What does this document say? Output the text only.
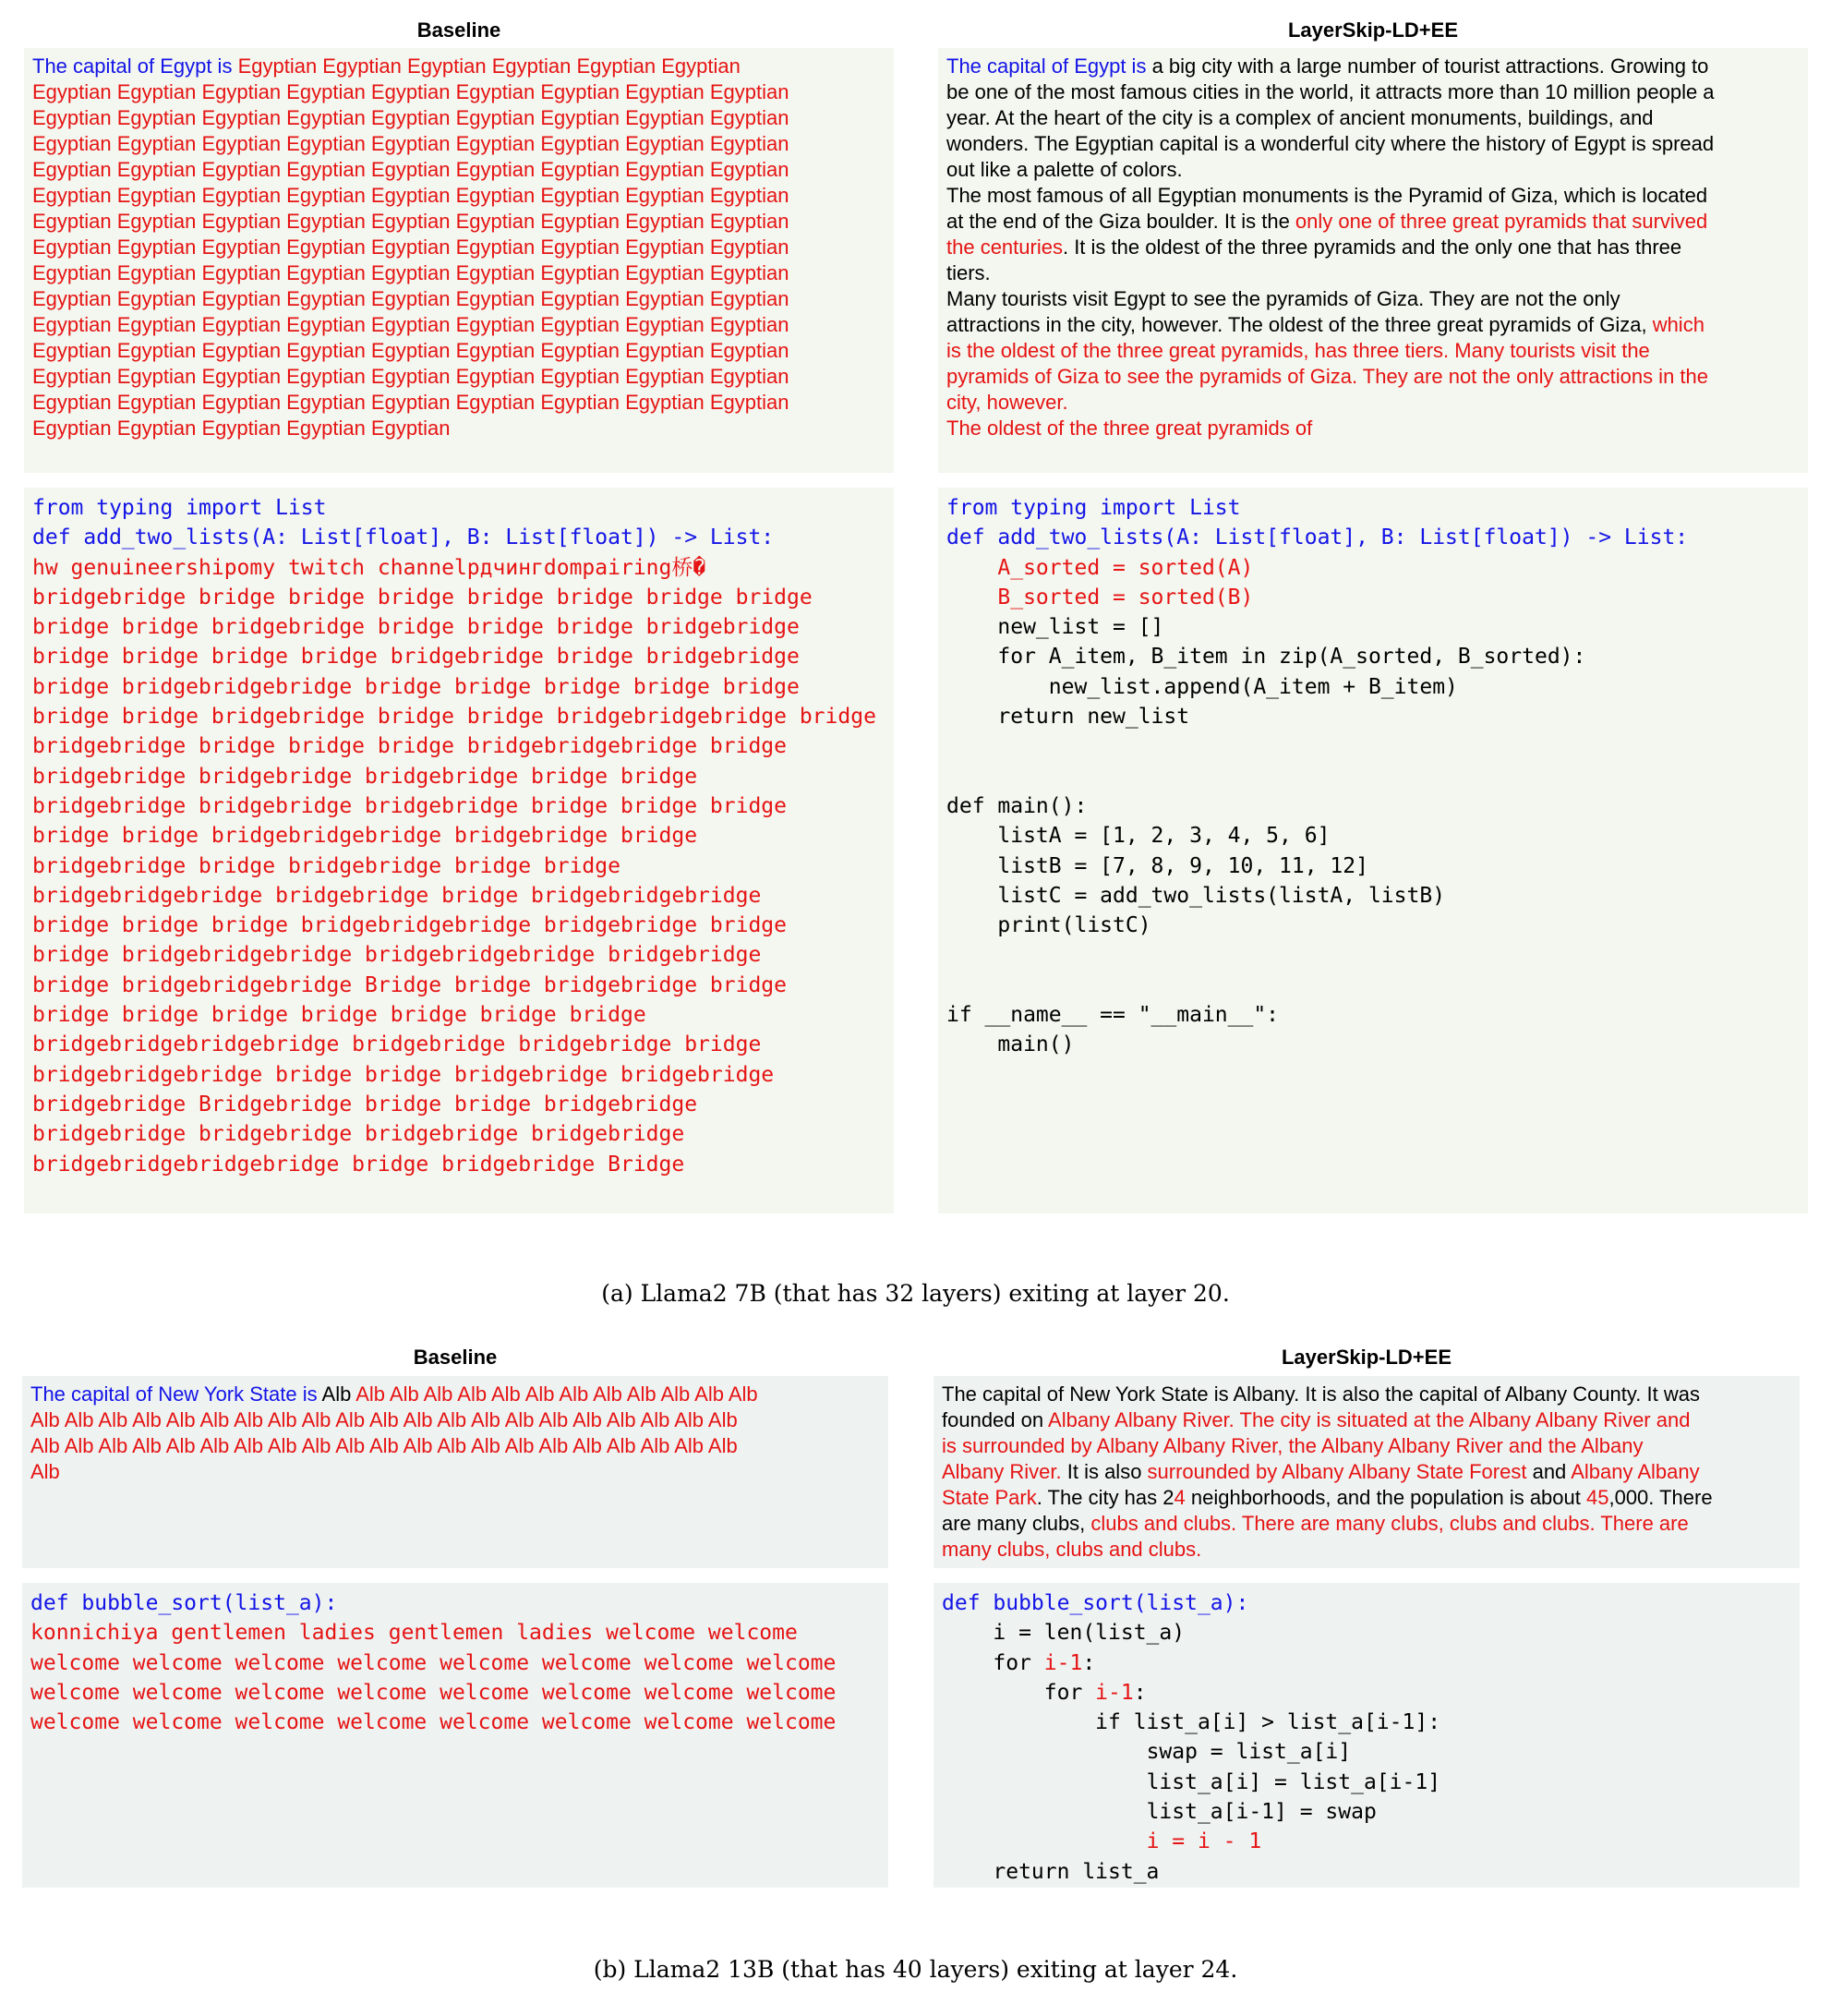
Baseline	LayerSkip-LD+EE
The capital of Egypt is Egyptian Egyptian Egyptian Egyptian Egyptian Egyptian
Egyptian Egyptian Egyptian Egyptian Egyptian Egyptian Egyptian Egyptian Egyptian
Egyptian Egyptian Egyptian Egyptian Egyptian Egyptian Egyptian Egyptian Egyptian
Egyptian Egyptian Egyptian Egyptian Egyptian Egyptian Egyptian Egyptian Egyptian
Egyptian Egyptian Egyptian Egyptian Egyptian Egyptian Egyptian Egyptian Egyptian
Egyptian Egyptian Egyptian Egyptian Egyptian Egyptian Egyptian Egyptian Egyptian
Egyptian Egyptian Egyptian Egyptian Egyptian Egyptian Egyptian Egyptian Egyptian
Egyptian Egyptian Egyptian Egyptian Egyptian Egyptian Egyptian Egyptian Egyptian
Egyptian Egyptian Egyptian Egyptian Egyptian Egyptian Egyptian Egyptian Egyptian
Egyptian Egyptian Egyptian Egyptian Egyptian Egyptian Egyptian Egyptian Egyptian
Egyptian Egyptian Egyptian Egyptian Egyptian Egyptian Egyptian Egyptian Egyptian
Egyptian Egyptian Egyptian Egyptian Egyptian Egyptian Egyptian Egyptian Egyptian
Egyptian Egyptian Egyptian Egyptian Egyptian Egyptian Egyptian Egyptian Egyptian
Egyptian Egyptian Egyptian Egyptian Egyptian Egyptian Egyptian Egyptian Egyptian
Egyptian Egyptian Egyptian Egyptian Egyptian
The capital of Egypt is a big city with a large number of tourist attractions. Growing to
be one of the most famous cities in the world, it attracts more than 10 million people a
year. At the heart of the city is a complex of ancient monuments, buildings, and
wonders. The Egyptian capital is a wonderful city where the history of Egypt is spread
out like a palette of colors.
The most famous of all Egyptian monuments is the Pyramid of Giza, which is located
at the end of the Giza boulder. It is the only one of three great pyramids that survived
the centuries. It is the oldest of the three pyramids and the only one that has three
tiers.
Many tourists visit Egypt to see the pyramids of Giza. They are not the only
attractions in the city, however. The oldest of the three great pyramids of Giza, which
is the oldest of the three great pyramids, has three tiers. Many tourists visit the
pyramids of Giza to see the pyramids of Giza. They are not the only attractions in the
city, however.
The oldest of the three great pyramids of
from typing import List
def add_two_lists(A: List[float], B: List[float]) -> List:
hw genuineershipomy twitch channelрдчингdompairing桥�
bridgebridge bridge bridge bridge bridge bridge bridge bridge
bridge bridge bridgebridge bridge bridge bridge bridgebridge
bridge bridge bridge bridge bridgebridge bridge bridgebridge
bridge bridgebridgebridge bridge bridge bridge bridge bridge
bridge bridge bridgebridge bridge bridge bridgebridgebridge bridge
bridgebridge bridge bridge bridge bridgebridgebridge bridge
bridgebridge bridgebridge bridgebridge bridge bridge
bridgebridge bridgebridge bridgebridge bridge bridge bridge
bridge bridge bridgebridgebridge bridgebridge bridge
bridgebridge bridge bridgebridge bridge bridge
bridgebridgebridge bridgebridge bridge bridgebridgebridge
bridge bridge bridge bridgebridgebridge bridgebridge bridge
bridge bridgebridgebridge bridgebridgebridge bridgebridge
bridge bridgebridgebridge Bridge bridge bridgebridge bridge
bridge bridge bridge bridge bridge bridge bridge
bridgebridgebridgebridge bridgebridge bridgebridge bridge
bridgebridgebridge bridge bridge bridgebridge bridgebridge
bridgebridge Bridgebridge bridge bridge bridgebridge
bridgebridge bridgebridge bridgebridge bridgebridge
bridgebridgebridgebridge bridge bridgebridge Bridge
from typing import List
def add_two_lists(A: List[float], B: List[float]) -> List:
A_sorted = sorted(A)
B_sorted = sorted(B)
new_list = []
for A_item, B_item in zip(A_sorted, B_sorted):
new_list.append(A_item + B_item)
return new_list

def main():
listA = [1, 2, 3, 4, 5, 6]
listB = [7, 8, 9, 10, 11, 12]
listC = add_two_lists(listA, listB)
print(listC)

if __name__ == "__main__":
main()
(a) Llama2 7B (that has 32 layers) exiting at layer 20.
Baseline	LayerSkip-LD+EE
The capital of New York State is Alb Alb Alb Alb Alb Alb Alb Alb Alb Alb Alb Alb Alb
Alb Alb Alb Alb Alb Alb Alb Alb Alb Alb Alb Alb Alb Alb Alb Alb Alb Alb Alb Alb Alb
Alb Alb Alb Alb Alb Alb Alb Alb Alb Alb Alb Alb Alb Alb Alb Alb Alb Alb Alb Alb Alb
Alb
The capital of New York State is Albany. It is also the capital of Albany County. It was
founded on Albany Albany River. The city is situated at the Albany Albany River and
is surrounded by Albany Albany River, the Albany Albany River and the Albany
Albany River. It is also surrounded by Albany Albany State Forest and Albany Albany
State Park. The city has 24 neighborhoods, and the population is about 45,000. There
are many clubs, clubs and clubs. There are many clubs, clubs and clubs. There are
many clubs, clubs and clubs.
def bubble_sort(list_a):
konnichiya gentlemen ladies gentlemen ladies welcome welcome
welcome welcome welcome welcome welcome welcome welcome welcome
welcome welcome welcome welcome welcome welcome welcome welcome
welcome welcome welcome welcome welcome welcome welcome welcome
def bubble_sort(list_a):
i = len(list_a)
for i-1:
for i-1:
if list_a[i] > list_a[i-1]:
swap = list_a[i]
list_a[i] = list_a[i-1]
list_a[i-1] = swap
i = i - 1
return list_a
(b) Llama2 13B (that has 40 layers) exiting at layer 24.
